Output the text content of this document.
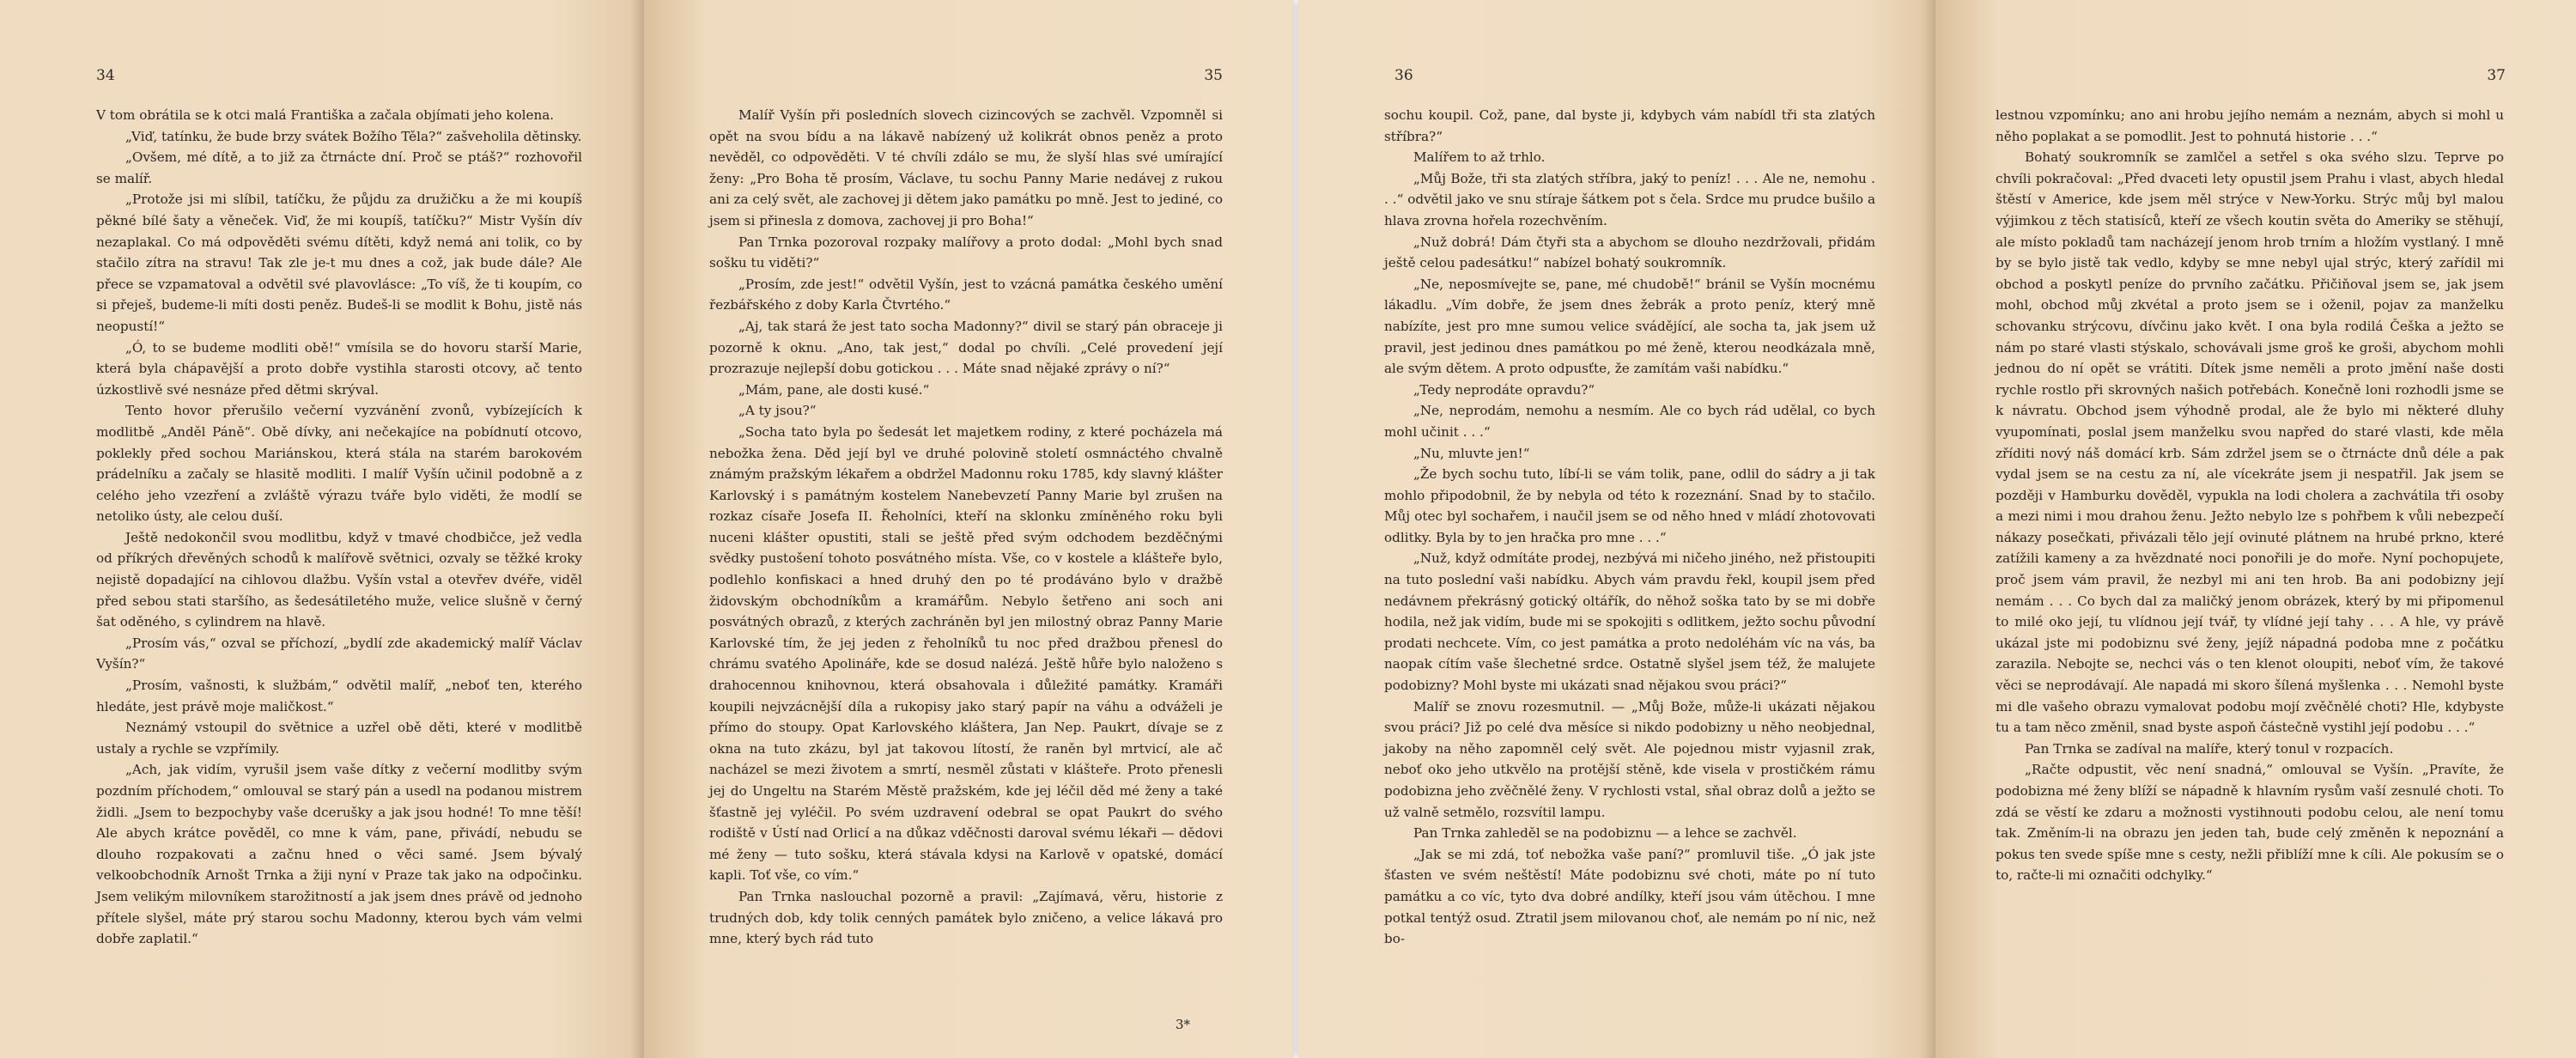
34

V tom obrátila se k otci malá Františka a začala objímati jeho kolena.

„Viď, tatínku, že bude brzy svátek Božího Těla?“ zašveholila dětinsky.

„Ovšem, mé dítě, a to již za čtrnácte dní. Proč se ptáš?“ rozhovořil se malíř.

„Protože jsi mi slíbil, tatíčku, že půjdu za družičku a že mi koupíš pěkné bílé šaty a věneček. Viď, že mi koupíš, tatíčku?“ Mistr Vyšín dív nezaplakal. Co má odpověděti svému dítěti, když nemá ani tolik, co by stačilo zítra na stravu! Tak zle je-t mu dnes a což, jak bude dále? Ale přece se vzpamatoval a odvětil své plavovlásce: „To víš, že ti koupím, co si přeješ, budeme-li míti dosti peněz. Budeš-li se modlit k Bohu, jistě nás neopustí!“

„Ó, to se budeme modliti obě!“ vmísila se do hovoru starší Marie, která byla chápavější a proto dobře vystihla starosti otcovy, ač tento úzkostlivě své nesnáze před dětmi skrýval.

Tento hovor přerušilo večerní vyzvánění zvonů, vybízejících k modlitbě „Anděl Páně“. Obě dívky, ani nečekajíce na pobídnutí otcovo, poklekly před sochou Mariánskou, která stála na starém barokovém prádelníku a začaly se hlasitě modliti. I malíř Vyšín učinil podobně a z celého jeho vzezření a zvláště výrazu tváře bylo viděti, že modlí se netoliko ústy, ale celou duší.

Ještě nedokončil svou modlitbu, když v tmavé chodbičce, jež vedla od příkrých dřevěných schodů k malířově světnici, ozvaly se těžké kroky nejistě dopadající na cihlovou dlažbu. Vyšín vstal a otevřev dvéře, viděl před sebou stati staršího, as šedesátiletého muže, velice slušně v černý šat oděného, s cylindrem na hlavě.

„Prosím vás,“ ozval se příchozí, „bydlí zde akademický malíř Václav Vyšín?“

„Prosím, vašnosti, k službám,“ odvětil malíř, „neboť ten, kterého hledáte, jest právě moje maličkost.“

Neznámý vstoupil do světnice a uzřel obě děti, které v modlitbě ustaly a rychle se vzpřímily.

„Ach, jak vidím, vyrušil jsem vaše dítky z večerní modlitby svým pozdním příchodem,“ omlouval se starý pán a usedl na podanou mistrem židli. „Jsem to bezpochyby vaše dcerušky a jak jsou hodné! To mne těší! Ale abych krátce pověděl, co mne k vám, pane, přivádí, nebudu se dlouho rozpakovati a začnu hned o věci samé. Jsem bývalý velkoobchodník Arnošt Trnka a žiji nyní v Praze tak jako na odpočinku. Jsem velikým milovníkem starožitností a jak jsem dnes právě od jednoho přítele slyšel, máte prý starou sochu Madonny, kterou bych vám velmi dobře zaplatil.“

35

Malíř Vyšín při posledních slovech cizincových se zachvěl. Vzpomněl si opět na svou bídu a na lákavě nabízený už kolikrát obnos peněz a proto nevěděl, co odpověděti. V té chvíli zdálo se mu, že slyší hlas své umírající ženy: „Pro Boha tě prosím, Václave, tu sochu Panny Marie nedávej z rukou ani za celý svět, ale zachovej ji dětem jako památku po mně. Jest to jediné, co jsem si přinesla z domova, zachovej ji pro Boha!“

Pan Trnka pozoroval rozpaky malířovy a proto dodal: „Mohl bych snad sošku tu viděti?“

„Prosím, zde jest!“ odvětil Vyšín, jest to vzácná památka českého umění řezbářského z doby Karla Čtvrtého.“

„Aj, tak stará že jest tato socha Madonny?“ divil se starý pán obraceje ji pozorně k oknu. „Ano, tak jest,“ dodal po chvíli. „Celé provedení její prozrazuje nejlepší dobu gotickou . . . Máte snad nějaké zprávy o ní?“

„Mám, pane, ale dosti kusé.“

„A ty jsou?“

„Socha tato byla po šedesát let majetkem rodiny, z které pocházela má nebožka žena. Děd její byl ve druhé polovině století osmnáctého chvalně známým pražským lékařem a obdržel Madonnu roku 1785, kdy slavný klášter Karlovský i s památným kostelem Nanebevzetí Panny Marie byl zrušen na rozkaz císaře Josefa II. Řeholníci, kteří na sklonku zmíněného roku byli nuceni klášter opustiti, stali se ještě před svým odchodem bezděčnými svědky pustošení tohoto posvátného místa. Vše, co v kostele a klášteře bylo, podlehlo konfiskaci a hned druhý den po té prodáváno bylo v dražbě židovským obchodníkům a kramářům. Nebylo šetřeno ani soch ani posvátných obrazů, z kterých zachráněn byl jen milostný obraz Panny Marie Karlovské tím, že jej jeden z řeholníků tu noc před dražbou přenesl do chrámu svatého Apolináře, kde se dosud nalézá. Ještě hůře bylo naloženo s drahocennou knihovnou, která obsahovala i důležité památky. Kramáři koupili nejvzácnější díla a rukopisy jako starý papír na váhu a odváželi je přímo do stoupy. Opat Karlovského kláštera, Jan Nep. Paukrt, dívaje se z okna na tuto zkázu, byl jat takovou lítostí, že raněn byl mrtvicí, ale ač nacházel se mezi životem a smrtí, nesměl zůstati v klášteře. Proto přenesli jej do Ungeltu na Starém Městě pražském, kde jej léčil děd mé ženy a také šťastně jej vyléčil. Po svém uzdravení odebral se opat Paukrt do svého rodiště v Ústí nad Orlicí a na důkaz vděčnosti daroval svému lékaři — dědovi mé ženy — tuto sošku, která stávala kdysi na Karlově v opatské, domácí kapli. Toť vše, co vím.“

Pan Trnka naslouchal pozorně a pravil: „Zajímavá, věru, historie z trudných dob, kdy tolik cenných památek bylo zničeno, a velice lákavá pro mne, který bych rád tuto

3*
36

sochu koupil. Což, pane, dal byste ji, kdybych vám nabídl tři sta zlatých stříbra?“

Malířem to až trhlo.

„Můj Bože, tři sta zlatých stříbra, jaký to peníz! . . . Ale ne, nemohu . . .“ odvětil jako ve snu stíraje šátkem pot s čela. Srdce mu prudce bušilo a hlava zrovna hořela rozechvěním.

„Nuž dobrá! Dám čtyři sta a abychom se dlouho nezdržovali, přidám ještě celou padesátku!“ nabízel bohatý soukromník.

„Ne, neposmívejte se, pane, mé chudobě!“ bránil se Vyšín mocnému lákadlu. „Vím dobře, že jsem dnes žebrák a proto peníz, který mně nabízíte, jest pro mne sumou velice svádějící, ale socha ta, jak jsem už pravil, jest jedinou dnes památkou po mé ženě, kterou neodkázala mně, ale svým dětem. A proto odpusťte, že zamítám vaši nabídku.“

„Tedy neprodáte opravdu?“

„Ne, neprodám, nemohu a nesmím. Ale co bych rád udělal, co bych mohl učinit . . .“

„Nu, mluvte jen!“

„Že bych sochu tuto, líbí-li se vám tolik, pane, odlil do sádry a ji tak mohlo připodobnil, že by nebyla od této k rozeznání. Snad by to stačilo. Můj otec byl sochařem, i naučil jsem se od něho hned v mládí zhotovovati odlitky. Byla by to jen hračka pro mne . . .“

„Nuž, když odmítáte prodej, nezbývá mi ničeho jiného, než přistoupiti na tuto poslední vaši nabídku. Abych vám pravdu řekl, koupil jsem před nedávnem překrásný gotický oltářík, do něhož soška tato by se mi dobře hodila, než jak vidím, bude mi se spokojiti s odlitkem, ježto sochu původní prodati nechcete. Vím, co jest památka a proto nedoléhám víc na vás, ba naopak cítím vaše šlechetné srdce. Ostatně slyšel jsem též, že malujete podobizny? Mohl byste mi ukázati snad nějakou svou práci?“

Malíř se znovu rozesmutnil. — „Můj Bože, může-li ukázati nějakou svou práci? Již po celé dva měsíce si nikdo podobizny u něho neobjednal, jakoby na něho zapomněl celý svět. Ale pojednou mistr vyjasnil zrak, neboť oko jeho utkvělo na protější stěně, kde visela v prostičkém rámu podobizna jeho zvěčnělé ženy. V rychlosti vstal, sňal obraz dolů a ježto se už valně setmělo, rozsvítil lampu.

Pan Trnka zahleděl se na podobiznu — a lehce se zachvěl.

„Jak se mi zdá, toť nebožka vaše paní?“ promluvil tiše. „Ó jak jste šťasten ve svém neštěstí! Máte podobiznu své choti, máte po ní tuto památku a co víc, tyto dva dobré andílky, kteří jsou vám útěchou. I mne potkal tentýž osud. Ztratil jsem milovanou choť, ale nemám po ní nic, než bo-

37

lestnou vzpomínku; ano ani hrobu jejího nemám a neznám, abych si mohl u něho poplakat a se pomodlit. Jest to pohnutá historie . . .“

Bohatý soukromník se zamlčel a setřel s oka svého slzu. Teprve po chvíli pokračoval: „Před dvaceti lety opustil jsem Prahu i vlast, abych hledal štěstí v Americe, kde jsem měl strýce v New-Yorku. Strýc můj byl malou výjimkou z těch statisíců, kteří ze všech koutin světa do Ameriky se stěhují, ale místo pokladů tam nacházejí jenom hrob trním a hložím vystlaný. I mně by se bylo jistě tak vedlo, kdyby se mne nebyl ujal strýc, který zařídil mi obchod a poskytl peníze do prvního začátku. Přičiňoval jsem se, jak jsem mohl, obchod můj zkvétal a proto jsem se i oženil, pojav za manželku schovanku strýcovu, dívčinu jako květ. I ona byla rodilá Češka a ježto se nám po staré vlasti stýskalo, schovávali jsme groš ke groši, abychom mohli jednou do ní opět se vrátiti. Dítek jsme neměli a proto jmění naše dosti rychle rostlo při skrovných našich potřebách. Konečně loni rozhodli jsme se k návratu. Obchod jsem výhodně prodal, ale že bylo mi některé dluhy vyupomínati, poslal jsem manželku svou napřed do staré vlasti, kde měla zříditi nový náš domácí krb. Sám zdržel jsem se o čtrnácte dnů déle a pak vydal jsem se na cestu za ní, ale vícekráte jsem ji nespatřil. Jak jsem se později v Hamburku dověděl, vypukla na lodi cholera a zachvátila tři osoby a mezi nimi i mou drahou ženu. Ježto nebylo lze s pohřbem k vůli nebezpečí nákazy posečkati, přivázali tělo její ovinuté plátnem na hrubé prkno, které zatížili kameny a za hvězdnaté noci ponořili je do moře. Nyní pochopujete, proč jsem vám pravil, že nezbyl mi ani ten hrob. Ba ani podobizny její nemám . . . Co bych dal za maličký jenom obrázek, který by mi připomenul to milé oko její, tu vlídnou její tvář, ty vlídné její tahy . . . A hle, vy právě ukázal jste mi podobiznu své ženy, jejíž nápadná podoba mne z počátku zarazila. Nebojte se, nechci vás o ten klenot oloupiti, neboť vím, že takové věci se neprodávají. Ale napadá mi skoro šílená myšlenka . . . Nemohl byste mi dle vašeho obrazu vymalovat podobu mojí zvěčnělé choti? Hle, kdybyste tu a tam něco změnil, snad byste aspoň částečně vystihl její podobu . . .“

Pan Trnka se zadíval na malíře, který tonul v rozpacích.

„Račte odpustit, věc není snadná,“ omlouval se Vyšín. „Pravíte, že podobizna mé ženy blíží se nápadně k hlavním rysům vaší zesnulé choti. To zdá se věstí ke zdaru a možnosti vystihnouti podobu celou, ale není tomu tak. Změním-li na obrazu jen jeden tah, bude celý změněn k nepoznání a pokus ten svede spíše mne s cesty, nežli přiblíží mne k cíli. Ale pokusím se o to, račte-li mi označiti odchylky.“
